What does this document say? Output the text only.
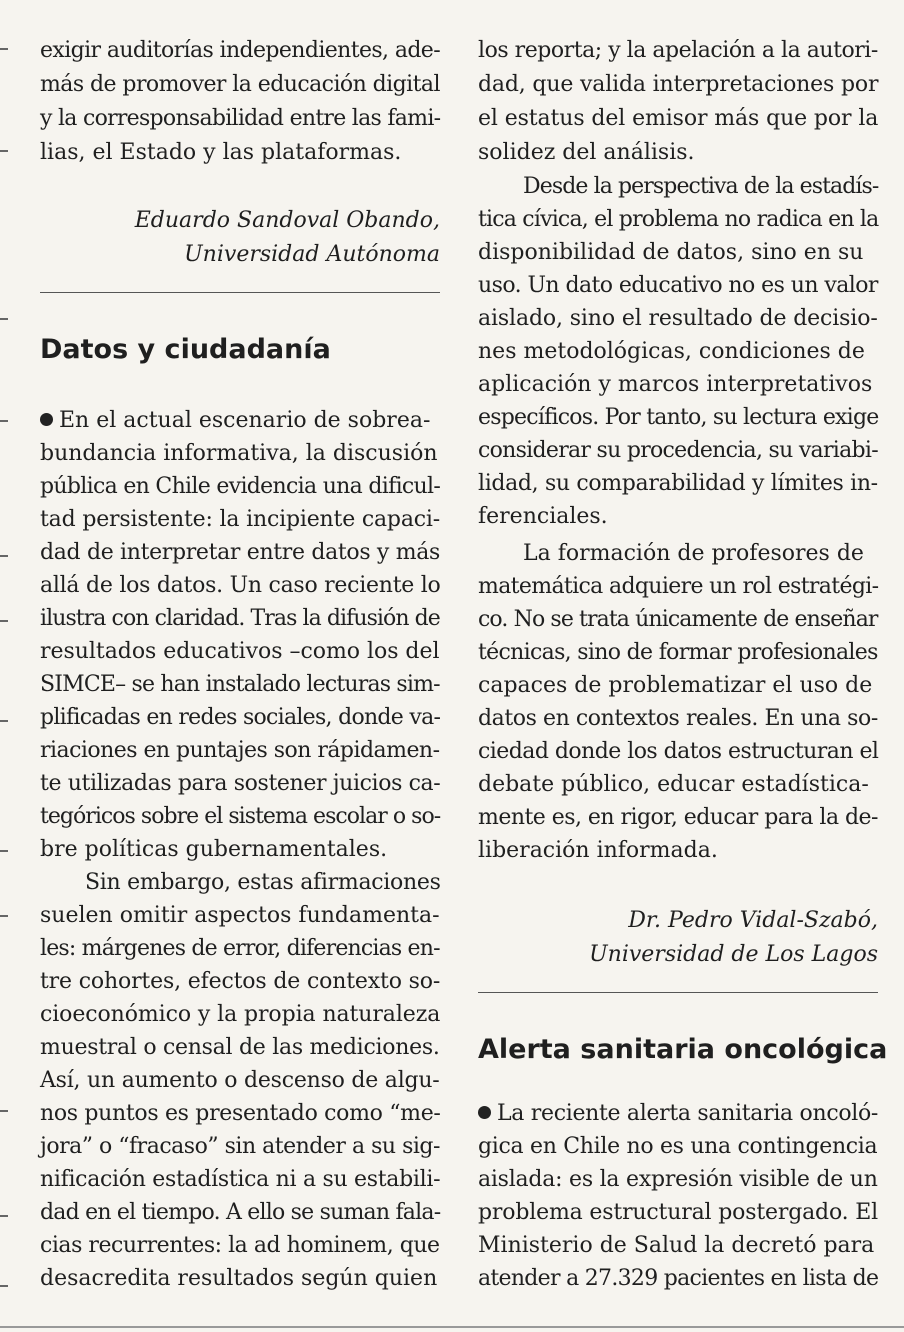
exigir auditorías independientes, ade-
más de promover la educación digital
y la corresponsabilidad entre las fami-
lias, el Estado y las plataformas.
Eduardo Sandoval Obando,
Universidad Autónoma
Datos y ciudadanía
En el actual escenario de sobrea-
bundancia informativa, la discusión
pública en Chile evidencia una dificul-
tad persistente: la incipiente capaci-
dad de interpretar entre datos y más
allá de los datos. Un caso reciente lo
ilustra con claridad. Tras la difusión de
resultados educativos –como los del
SIMCE– se han instalado lecturas sim-
plificadas en redes sociales, donde va-
riaciones en puntajes son rápidamen-
te utilizadas para sostener juicios ca-
tegóricos sobre el sistema escolar o so-
bre políticas gubernamentales.
Sin embargo, estas afirmaciones
suelen omitir aspectos fundamenta-
les: márgenes de error, diferencias en-
tre cohortes, efectos de contexto so-
cioeconómico y la propia naturaleza
muestral o censal de las mediciones.
Así, un aumento o descenso de algu-
nos puntos es presentado como “me-
jora” o “fracaso” sin atender a su sig-
nificación estadística ni a su estabili-
dad en el tiempo. A ello se suman fala-
cias recurrentes: la ad hominem, que
desacredita resultados según quien
los reporta; y la apelación a la autori-
dad, que valida interpretaciones por
el estatus del emisor más que por la
solidez del análisis.
Desde la perspectiva de la estadís-
tica cívica, el problema no radica en la
disponibilidad de datos, sino en su
uso. Un dato educativo no es un valor
aislado, sino el resultado de decisio-
nes metodológicas, condiciones de
aplicación y marcos interpretativos
específicos. Por tanto, su lectura exige
considerar su procedencia, su variabi-
lidad, su comparabilidad y límites in-
ferenciales.
La formación de profesores de
matemática adquiere un rol estratégi-
co. No se trata únicamente de enseñar
técnicas, sino de formar profesionales
capaces de problematizar el uso de
datos en contextos reales. En una so-
ciedad donde los datos estructuran el
debate público, educar estadística-
mente es, en rigor, educar para la de-
liberación informada.
Dr. Pedro Vidal-Szabó,
Universidad de Los Lagos
Alerta sanitaria oncológica
La reciente alerta sanitaria oncoló-
gica en Chile no es una contingencia
aislada: es la expresión visible de un
problema estructural postergado. El
Ministerio de Salud la decretó para
atender a 27.329 pacientes en lista de
